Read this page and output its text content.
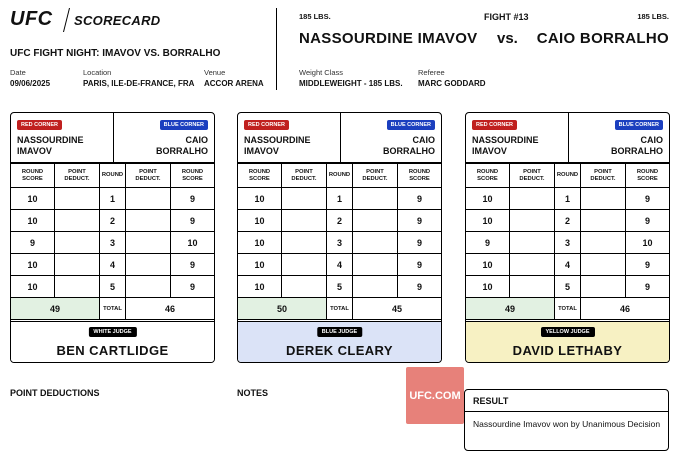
UFC SCORECARD
UFC FIGHT NIGHT: IMAVOV VS. BORRALHO
Date
09/06/2025
Location
PARIS, ILE-DE-FRANCE, FRA
Venue
ACCOR ARENA
185 LBS.
NASSOURDINE IMAVOV
FIGHT #13
vs.
185 LBS.
CAIO BORRALHO
Weight Class
MIDDLEWEIGHT - 185 LBS.
Referee
MARC GODDARD
RED CORNER	BLUE CORNER
NASSOURDINE
IMAVOV
CAIO
BORRALHO
ROUND SCORE	POINT DEDUCT.	ROUND	POINT DEDUCT.	ROUND SCORE
10		1		9
10		2		9
9		3		10
10		4		9
10		5		9
49		TOTAL	46	
WHITE JUDGE
BEN CARTLIDGE
RED CORNER	BLUE CORNER
NASSOURDINE
IMAVOV
CAIO
BORRALHO
ROUND SCORE	POINT DEDUCT.	ROUND	POINT DEDUCT.	ROUND SCORE
10		1		9
10		2		9
10		3		9
10		4		9
10		5		9
50		TOTAL	45	
BLUE JUDGE
DEREK CLEARY
RED CORNER	BLUE CORNER
NASSOURDINE
IMAVOV
CAIO
BORRALHO
ROUND SCORE	POINT DEDUCT.	ROUND	POINT DEDUCT.	ROUND SCORE
10		1		9
10		2		9
9		3		10
10		4		9
10		5		9
49		TOTAL	46	
YELLOW JUDGE
DAVID LETHABY
POINT DEDUCTIONS	NOTES	UFC.COM	RESULT
Nassourdine Imavov won by Unanimous Decision
